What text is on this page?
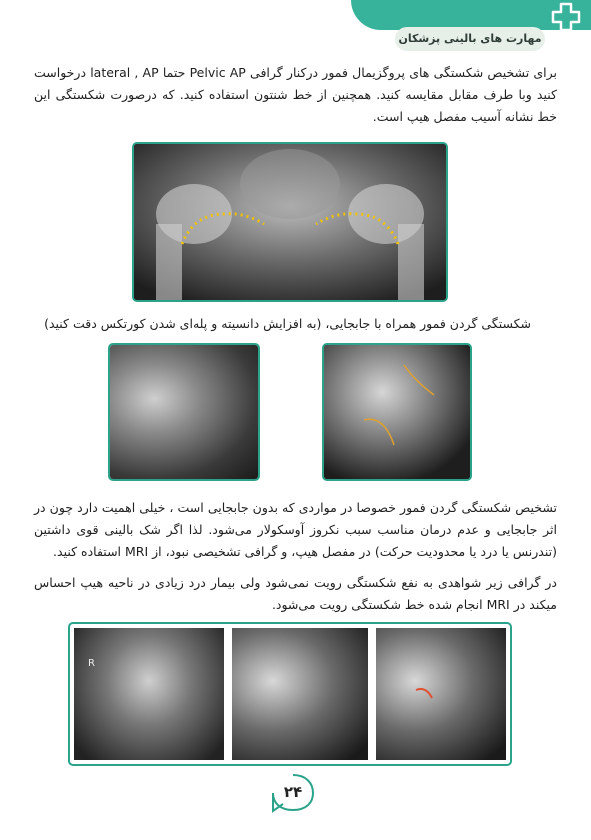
مهارت های بالینی پزشکان
برای تشخیص شکستگی های پروگزیمال فمور درکنار گرافی Pelvic AP حتما lateral , AP درخواست کنید وبا طرف مقابل مقایسه کنید. همچنین از خط شنتون استفاده کنید. که درصورت شکستگی این خط نشانه آسیب مفصل هیپ است.
شکستگی گردن فمور همراه با جابجایی، (به افزایش دانسیته و پله‌ای شدن کورتکس دقت کنید)
تشخیص شکستگی گردن فمور خصوصا در مواردی که بدون جابجایی است ، خیلی اهمیت دارد چون در اثر جابجایی و عدم درمان مناسب سبب نکروز آوسکولار می‌شود. لذا اگر شک بالینی قوی داشتین (تندرنس یا درد یا محدودیت حرکت) در مفصل هیپ، و گرافی تشخیصی نبود، از MRI استفاده کنید.
در گرافی زیر شواهدی به نفع شکستگی رویت نمی‌شود ولی بیمار درد زیادی در ناحیه هیپ احساس میکند در MRI انجام شده خط شکستگی رویت می‌شود.
R
۲۴
